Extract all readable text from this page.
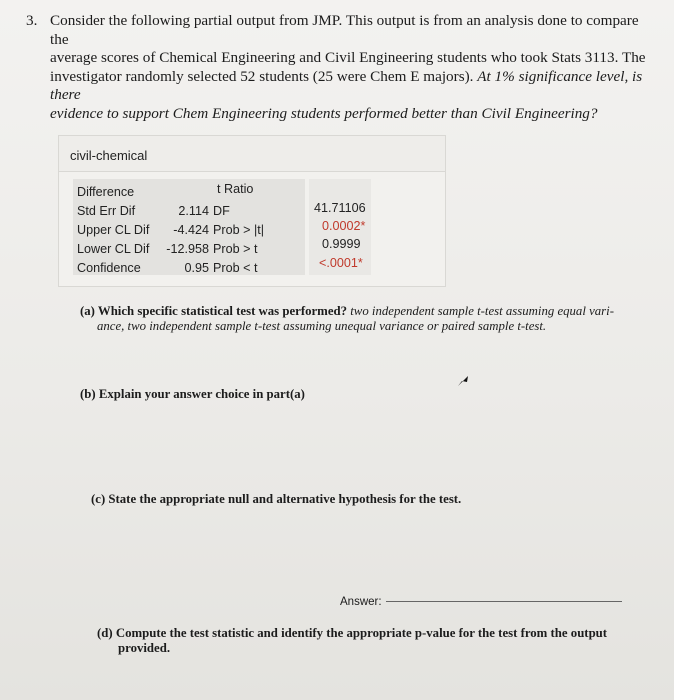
3. Consider the following partial output from JMP. This output is from an analysis done to compare the
average scores of Chemical Engineering and Civil Engineering students who took Stats 3113. The
investigator randomly selected 52 students (25 were Chem E majors). At 1% significance level, is there
evidence to support Chem Engineering students performed better than Civil Engineering?
civil-chemical
Difference
Std Err Dif
Upper CL Dif
Lower CL Dif
Confidence
2.114
-4.424
-12.958
0.95
t Ratio
DF
Prob > |t|
Prob > t
Prob < t
41.71106
0.0002*
0.9999
<.0001*
(a) Which specific statistical test was performed? two independent sample t-test assuming equal vari-
ance, two independent sample t-test assuming unequal variance or paired sample t-test.
(b) Explain your answer choice in part(a)
(c) State the appropriate null and alternative hypothesis for the test.
Answer:
(d) Compute the test statistic and identify the appropriate p-value for the test from the output
provided.
